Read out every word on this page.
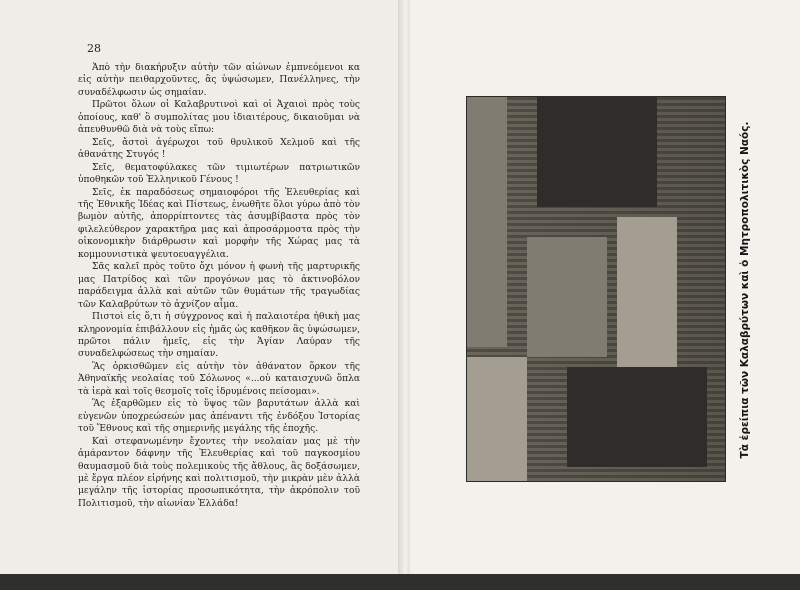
28

Ἀπὸ τὴν διακήρυξιν αὐτὴν τῶν αἰώνων ἐμπνεόμενοι κα εἰς αὐτὴν πειθαρχοῦντες, ἂς ὑψώσωμεν, Πανέλληνες, τὴν συναδέλφωσιν ὡς σημαίαν.

Πρῶτοι ὅλων οἱ Καλαβρυτινοὶ καὶ οἱ Ἀχαιοὶ πρὸς τοὺς ὁποίους, καθ' ὃ συμπολίτας μου ἰδιαιτέρους, δικαιοῦμαι νὰ ἀπευθυνθῶ διὰ νὰ τοὺς εἴπω:

Σεῖς, ἄστοὶ ἀγέρωχοι τοῦ θρυλικοῦ Χελμοῦ καὶ τῆς ἀθανάτης Στυγός !

Σεῖς, θεματοφύλακες τῶν τιμιωτέρων πατριωτικῶν ὑποθηκῶν τοῦ Ἑλληνικοῦ Γένους !

Σεῖς, ἐκ παραδόσεως σημαιοφόροι τῆς Ἐλευθερίας καὶ τῆς Ἐθνικῆς Ἰδέας καὶ Πίστεως, ἑνωθῆτε ὅλοι γύρω ἀπὸ τὸν βωμὸν αὐτῆς, ἀπορρίπτοντες τὰς ἀσυμβίβαστα πρὸς τὸν φιλελεύθερον χαρακτῆρα μας καὶ ἀπροσάρμοστα πρὸς τὴν οἰκονομικὴν διάρθρωσιν καὶ μορφὴν τῆς Χώρας μας τὰ κομμουνιστικὰ ψευτοευαγγέλια.

Σᾶς καλεῖ πρὸς τοῦτο ὄχι μόνον ἡ φωνὴ τῆς μαρτυρικῆς μας Πατρίδος καὶ τῶν προγόνων μας τὸ ἀκτινοβόλον παράδειγμα ἀλλὰ καὶ αὐτῶν τῶν θυμάτων τῆς τραγωδίας τῶν Καλαβρύτων τὸ ἀχνίζον αἷμα.

Πιστοὶ εἰς ὅ,τι ἡ σύγχρονος καὶ ἡ παλαιοτέρα ἠθικὴ μας κληρονομία ἐπιβάλλουν εἰς ἡμᾶς ὡς καθῆκον ἂς ὑψώσωμεν, πρῶτοι πάλιν ἡμεῖς, εἰς τὴν Ἁγίαν Λαύραν τῆς συναδελφώσεως τὴν σημαίαν.

Ἂς ὁρκισθῶμεν εἰς αὐτὴν τὸν ἀθάνατον ὅρκον τῆς Ἀθηναϊκῆς νεολαίας τοῦ Σόλωνος «...οὐ καταισχυνῶ ὅπλα τὰ ἱερὰ καὶ τοῖς θεσμοῖς τοῖς ἱδρυμένοις πείσομαι».

Ἂς ἐξαρθῶμεν εἰς τὸ ὕψος τῶν βαρυτάτων ἀλλὰ καὶ εὐγενῶν ὑποχρεώσεών μας ἀπέναντι τῆς ἐνδόξου Ἱστορίας τοῦ Ἔθνους καὶ τῆς σημερινῆς μεγάλης τῆς ἐποχῆς.

Καὶ στεφανωμένην ἔχοντες τὴν νεολαίαν μας μὲ τὴν ἀμάραντον δάφνην τῆς Ἐλευθερίας καὶ τοῦ παγκοσμίου θαυμασμοῦ διὰ τοὺς πολεμικοὺς τῆς ἄθλους, ἂς δοξάσωμεν, μὲ ἔργα πλέον εἰρήνης καὶ πολιτισμοῦ, τὴν μικρὰν μὲν ἀλλὰ μεγάλην τῆς ἱστορίας προσωπικότητα, τὴν ἀκρόπολιν τοῦ Πολιτισμοῦ, τὴν αἰωνίαν Ἑλλάδα!

Τὰ ἐρείπια τῶν Καλαβρύτων καὶ ὁ Μητροπολιτικὸς Ναός.
